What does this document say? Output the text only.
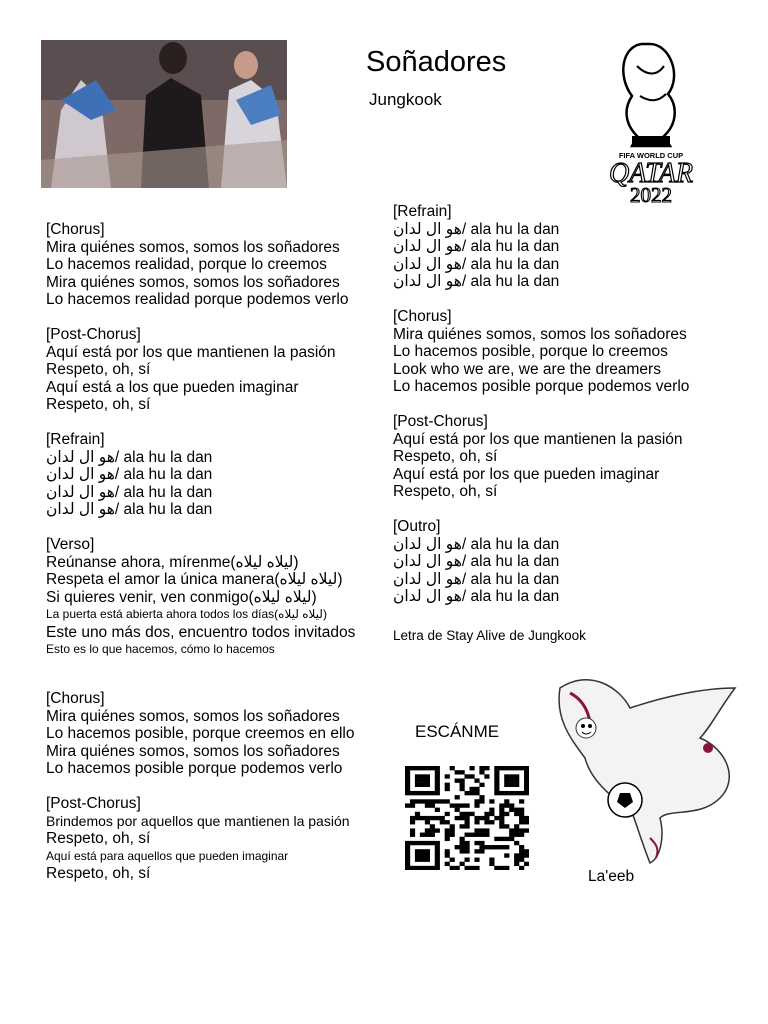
Soñadores
Jungkook
FIFA WORLD CUP
QATAR
2022
[Chorus]
Mira quiénes somos, somos los soñadores
Lo hacemos realidad, porque lo creemos
Mira quiénes somos, somos los soñadores
Lo hacemos realidad porque podemos verlo
[Post-Chorus]
Aquí está por los que mantienen la pasión
Respeto, oh, sí
Aquí está a los que pueden imaginar
Respeto, oh, sí
[Refrain]
ﻫﻮ ﺍﻝ ﻟﺪﺍﻥ/ ala hu la dan
ﻫﻮ ﺍﻝ ﻟﺪﺍﻥ/ ala hu la dan
ﻫﻮ ﺍﻝ ﻟﺪﺍﻥ/ ala hu la dan
ﻫﻮ ﺍﻝ ﻟﺪﺍﻥ/ ala hu la dan
[Verso]
Reúnanse ahora, mírenme(ﻟﻴﻼﻩ ﻟﻴﻼﻩ)
Respeta el amor la única manera(ﻟﻴﻼﻩ ﻟﻴﻼﻩ)
Si quieres venir, ven conmigo(ﻟﻴﻼﻩ ﻟﻴﻼﻩ)
La puerta está abierta ahora todos los días(ﻟﻴﻼﻩ ﻟﻴﻼﻩ)
Este uno más dos, encuentro todos invitados
Esto es lo que hacemos, cómo lo hacemos
[Chorus]
Mira quiénes somos, somos los soñadores
Lo hacemos posible, porque creemos en ello
Mira quiénes somos, somos los soñadores
Lo hacemos posible porque podemos verlo
[Post-Chorus]
Brindemos por aquellos que mantienen la pasión
Respeto, oh, sí
Aquí está para aquellos que pueden imaginar
Respeto, oh, sí
[Refrain]
ﻫﻮ ﺍﻝ ﻟﺪﺍﻥ/ ala hu la dan
ﻫﻮ ﺍﻝ ﻟﺪﺍﻥ/ ala hu la dan
ﻫﻮ ﺍﻝ ﻟﺪﺍﻥ/ ala hu la dan
ﻫﻮ ﺍﻝ ﻟﺪﺍﻥ/ ala hu la dan
[Chorus]
Mira quiénes somos, somos los soñadores
Lo hacemos posible, porque lo creemos
Look who we are, we are the dreamers
Lo hacemos posible porque podemos verlo
[Post-Chorus]
Aquí está por los que mantienen la pasión
Respeto, oh, sí
Aquí está por los que pueden imaginar
Respeto, oh, sí
[Outro]
ﻫﻮ ﺍﻝ ﻟﺪﺍﻥ/ ala hu la dan
ﻫﻮ ﺍﻝ ﻟﺪﺍﻥ/ ala hu la dan
ﻫﻮ ﺍﻝ ﻟﺪﺍﻥ/ ala hu la dan
ﻫﻮ ﺍﻝ ﻟﺪﺍﻥ/ ala hu la dan
Letra de Stay Alive de Jungkook
ESCÁNME
La'eeb
